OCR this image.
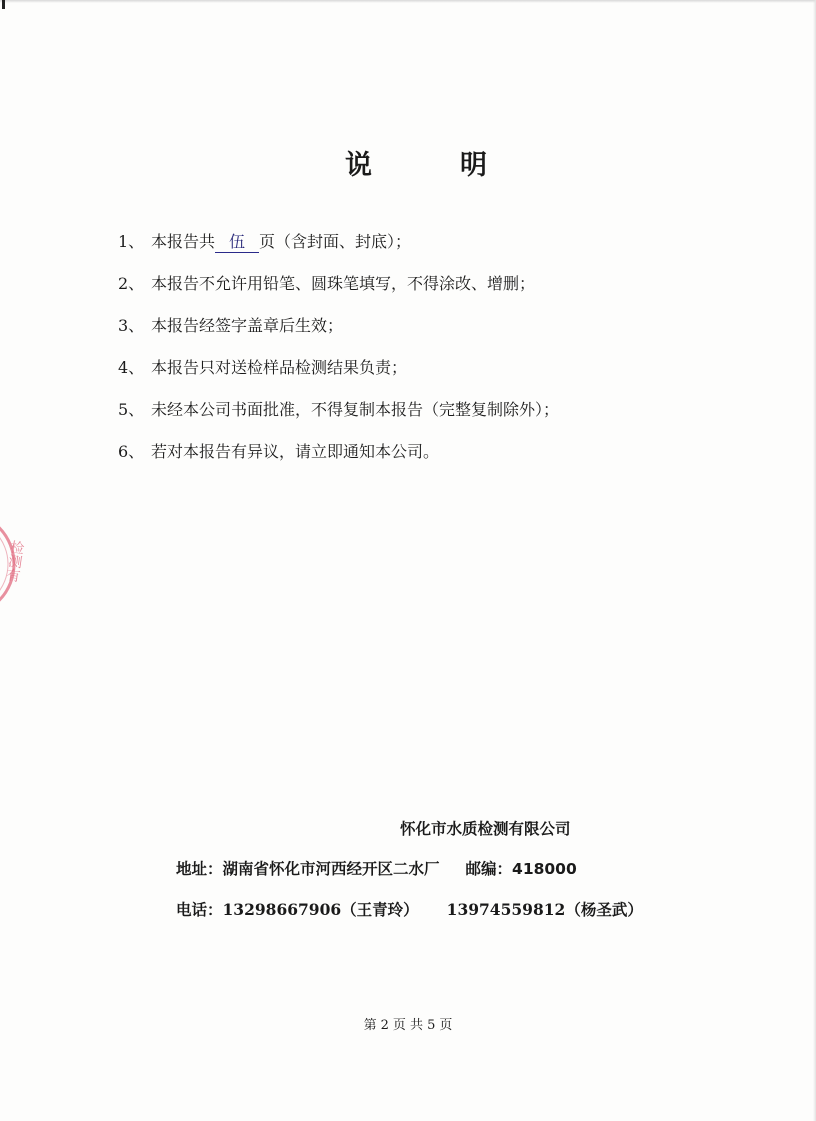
说	明
1、 本报告共 伍 页（含封面、封底）；
2、 本报告不允许用铅笔、圆珠笔填写，不得涂改、增删；
3、 本报告经签字盖章后生效；
4、 本报告只对送检样品检测结果负责；
5、 未经本公司书面批准，不得复制本报告（完整复制除外）；
6、 若对本报告有异议，请立即通知本公司。
检测有
怀化市水质检测有限公司
地址：湖南省怀化市河西经开区二水厂 邮编：418000
电话：13298667906（王青玲） 13974559812（杨圣武）
第 2 页 共 5 页
